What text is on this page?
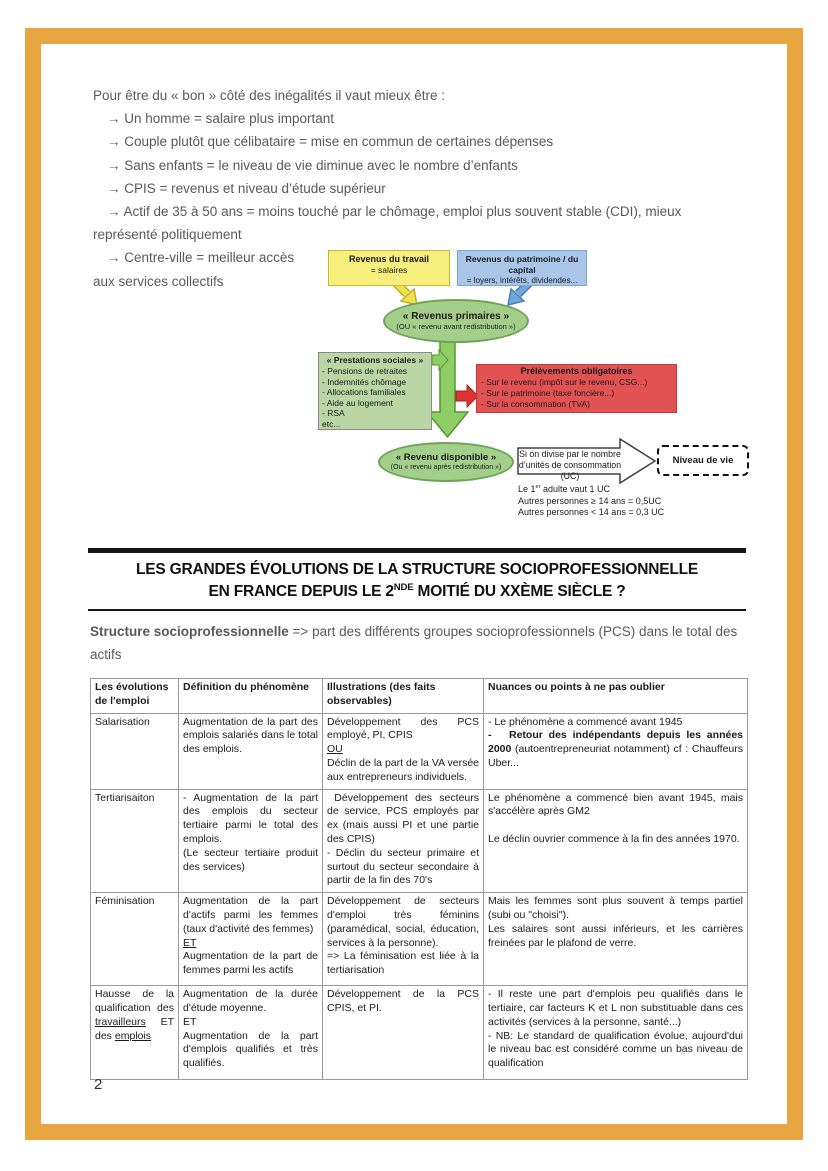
Pour être du « bon » côté des inégalités il vaut mieux être :
→ Un homme = salaire plus important
→ Couple plutôt que célibataire = mise en commun de certaines dépenses
→ Sans enfants = le niveau de vie diminue avec le nombre d’enfants
→ CPIS = revenus et niveau d’étude supérieur
→ Actif de 35 à 50 ans = moins touché par le chômage, emploi plus souvent stable (CDI), mieux
représenté politiquement
→ Centre-ville = meilleur accès
aux services collectifs
Revenus du travail
= salaires
Revenus du patrimoine / du capital
= loyers, intérêts, dividendes...
« Revenus primaires »
(OU « revenu avant redistribution »)
« Prestations sociales »
- Pensions de retraites
- Indemnités chômage
- Allocations familiales
- Aide au logement
- RSA
etc...
Prélèvements obligatoires
- Sur le revenu (impôt sur le revenu, CSG...)
- Sur le patrimoine (taxe foncière...)
- Sur la consommation (TVA)
« Revenu disponible »
(Ou « revenu après redistribution »)
Si on divise par le nombre
d’unités de consommation (UC)
Niveau de vie
Le 1er adulte vaut 1 UC
Autres personnes ≥ 14 ans = 0,5UC
Autres personnes < 14 ans = 0,3 UC
LES GRANDES ÉVOLUTIONS DE LA STRUCTURE SOCIOPROFESSIONNELLE
EN FRANCE DEPUIS LE 2NDE MOITIÉ DU XXÈME SIÈCLE ?
Structure socioprofessionnelle => part des différents groupes socioprofessionnels (PCS) dans le total des actifs
Les évolutions de l'emploi	Définition du phénomène	Illustrations (des faits observables)	Nuances ou points à ne pas oublier
Salarisation	Augmentation de la part des emplois salariés dans le total des emplois.	Développement des PCS employé, PI, CPIS
OU
Déclin de la part de la VA versée aux entrepreneurs individuels.	- Le phénomène a commencé avant 1945
-   Retour des indépendants depuis les années 2000 (autoentrepreneuriat notamment) cf : Chauffeurs Uber...
Tertiarisaiton	- Augmentation de la part des emplois du secteur tertiaire parmi le total des emplois.
(Le secteur tertiaire produit des services)	Développement des secteurs de service, PCS employés par ex (mais aussi PI et une partie des CPIS)
- Déclin du secteur primaire et surtout du secteur secondaire à partir de la fin des 70's	Le phénomène a commencé bien avant 1945, mais s'accélère après GM2

Le déclin ouvrier commence à la fin des années 1970.
Féminisation	Augmentation de la part d'actifs parmi les femmes (taux d'activité des femmes)
ET
Augmentation de la part de femmes parmi les actifs	Développement de secteurs d'emploi très féminins (paramédical, social, éducation, services à la personne).
=> La féminisation est liée à la tertiarisation	Mais les femmes sont plus souvent à temps partiel (subi ou "choisi").
Les salaires sont aussi inférieurs, et les carrières freinées par le plafond de verre.
Hausse de la qualification des travailleurs ET des emplois	Augmentation de la durée d'étude moyenne.
ET
Augmentation de la part d'emplois qualifiés et très qualifiés.	Développement de la PCS CPIS, et PI.	- Il reste une part d'emplois peu qualifiés dans le tertiaire, car facteurs K et L non substituable dans ces activités (services à la personne, santé...)
- NB: Le standard de qualification évolue, aujourd'dui le niveau bac est considéré comme un bas niveau de qualification
2
